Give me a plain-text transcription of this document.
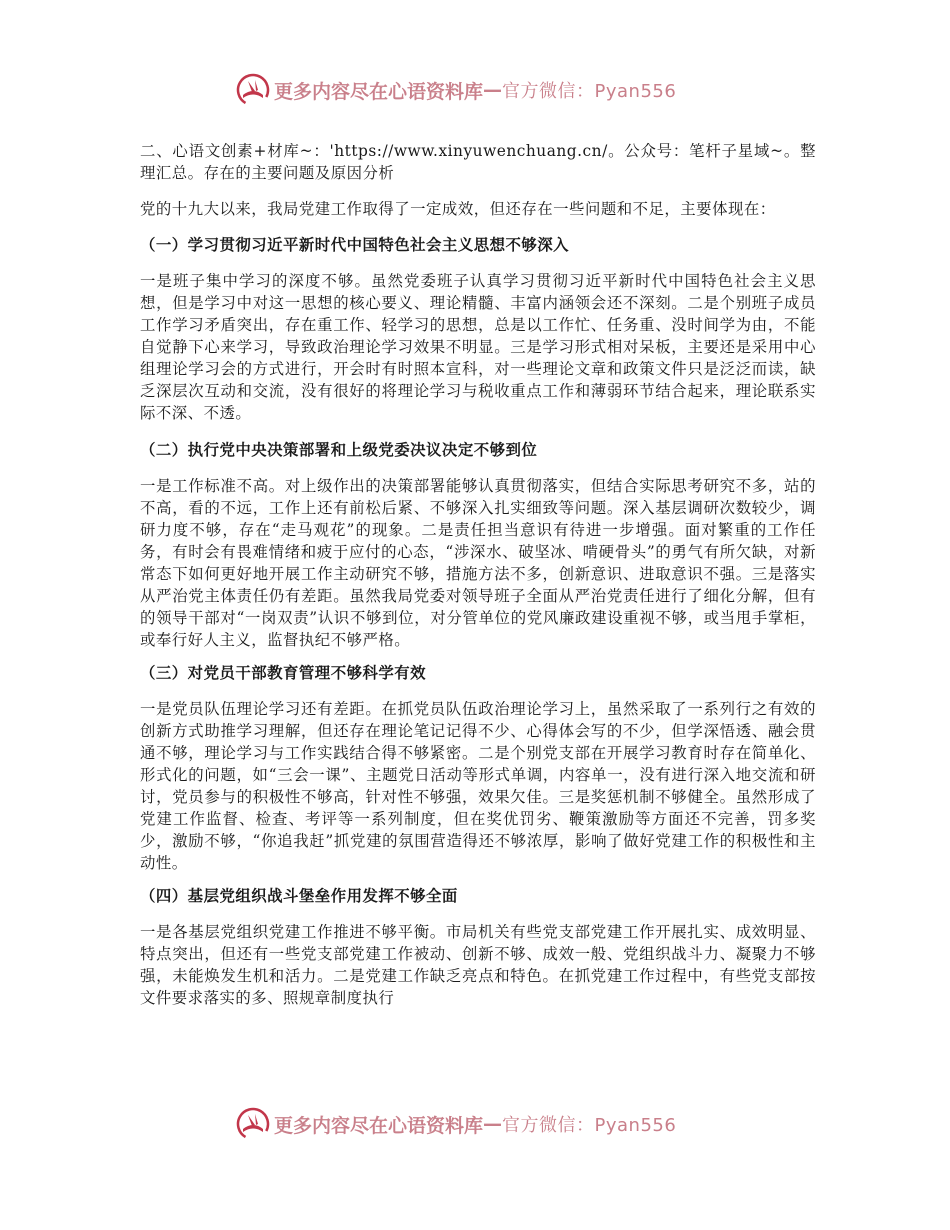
更多内容尽在心语资料库 — 官方微信：Pyan556

二、心语文创素+材库~：'https://www.xinyuwenchuang.cn/。公众号：笔杆子星域~。整理汇总。存在的主要问题及原因分析

党的十九大以来，我局党建工作取得了一定成效，但还存在一些问题和不足，主要体现在：

（一）学习贯彻习近平新时代中国特色社会主义思想不够深入

一是班子集中学习的深度不够。虽然党委班子认真学习贯彻习近平新时代中国特色社会主义思想，但是学习中对这一思想的核心要义、理论精髓、丰富内涵领会还不深刻。二是个别班子成员工作学习矛盾突出，存在重工作、轻学习的思想，总是以工作忙、任务重、没时间学为由，不能自觉静下心来学习，导致政治理论学习效果不明显。三是学习形式相对呆板，主要还是采用中心组理论学习会的方式进行，开会时有时照本宣科，对一些理论文章和政策文件只是泛泛而读，缺乏深层次互动和交流，没有很好的将理论学习与税收重点工作和薄弱环节结合起来，理论联系实际不深、不透。

（二）执行党中央决策部署和上级党委决议决定不够到位

一是工作标准不高。对上级作出的决策部署能够认真贯彻落实，但结合实际思考研究不多，站的不高，看的不远，工作上还有前松后紧、不够深入扎实细致等问题。深入基层调研次数较少，调研力度不够，存在“走马观花”的现象。二是责任担当意识有待进一步增强。面对繁重的工作任务，有时会有畏难情绪和疲于应付的心态，“涉深水、破坚冰、啃硬骨头”的勇气有所欠缺，对新常态下如何更好地开展工作主动研究不够，措施方法不多，创新意识、进取意识不强。三是落实从严治党主体责任仍有差距。虽然我局党委对领导班子全面从严治党责任进行了细化分解，但有的领导干部对“一岗双责”认识不够到位，对分管单位的党风廉政建设重视不够，或当甩手掌柜，或奉行好人主义，监督执纪不够严格。

（三）对党员干部教育管理不够科学有效

一是党员队伍理论学习还有差距。在抓党员队伍政治理论学习上，虽然采取了一系列行之有效的创新方式助推学习理解，但还存在理论笔记记得不少、心得体会写的不少，但学深悟透、融会贯通不够，理论学习与工作实践结合得不够紧密。二是个别党支部在开展学习教育时存在简单化、形式化的问题，如“三会一课”、主题党日活动等形式单调，内容单一，没有进行深入地交流和研讨，党员参与的积极性不够高，针对性不够强，效果欠佳。三是奖惩机制不够健全。虽然形成了党建工作监督、检查、考评等一系列制度，但在奖优罚劣、鞭策激励等方面还不完善，罚多奖少，激励不够，“你追我赶”抓党建的氛围营造得还不够浓厚，影响了做好党建工作的积极性和主动性。

（四）基层党组织战斗堡垒作用发挥不够全面

一是各基层党组织党建工作推进不够平衡。市局机关有些党支部党建工作开展扎实、成效明显、特点突出，但还有一些党支部党建工作被动、创新不够、成效一般、党组织战斗力、凝聚力不够强，未能焕发生机和活力。二是党建工作缺乏亮点和特色。在抓党建工作过程中，有些党支部按文件要求落实的多、照规章制度执行

更多内容尽在心语资料库 — 官方微信：Pyan556
